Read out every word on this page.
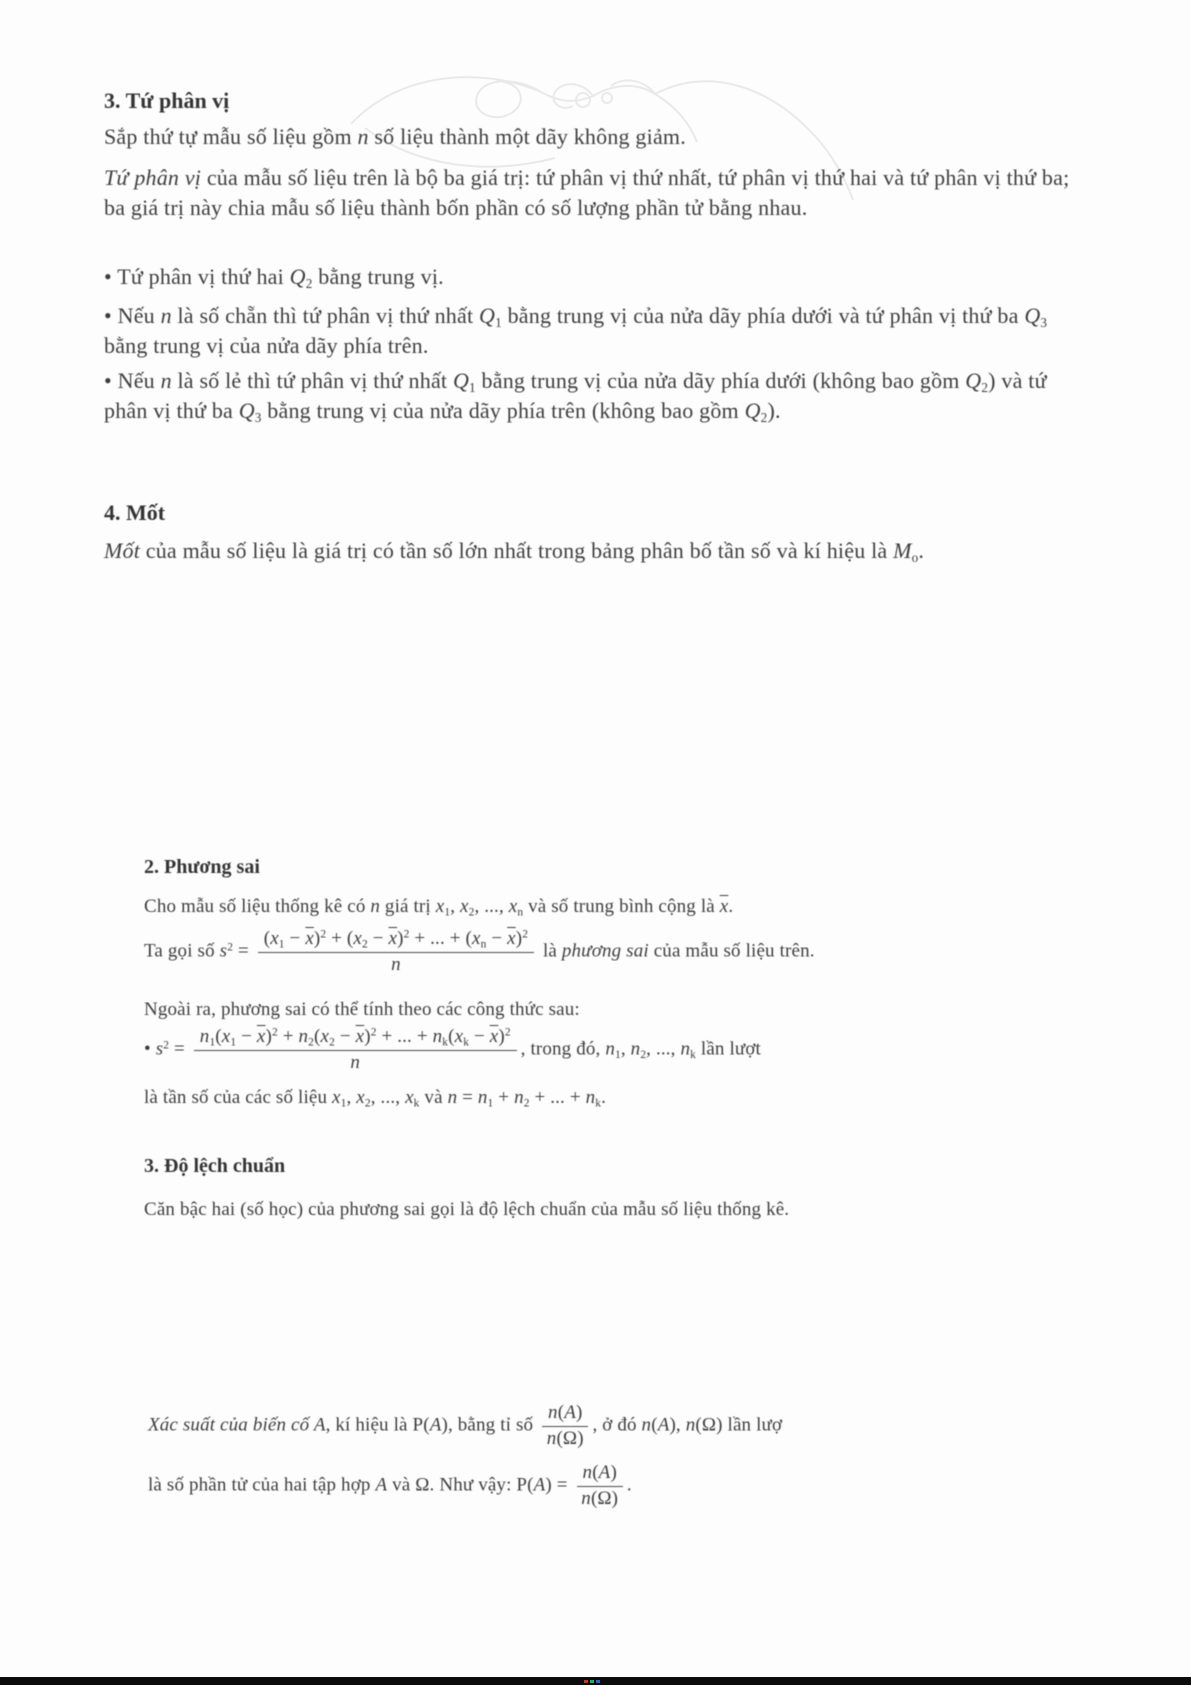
3. Tứ phân vị
Sắp thứ tự mẫu số liệu gồm n số liệu thành một dãy không giảm.
Tứ phân vị của mẫu số liệu trên là bộ ba giá trị: tứ phân vị thứ nhất, tứ phân vị thứ hai và tứ phân vị thứ ba; ba giá trị này chia mẫu số liệu thành bốn phần có số lượng phần tử bằng nhau.
• Tứ phân vị thứ hai $Q_2$ bằng trung vị.
• Nếu n là số chẵn thì tứ phân vị thứ nhất $Q_1$ bằng trung vị của nửa dãy phía dưới và tứ phân vị thứ ba $Q_3$ bằng trung vị của nửa dãy phía trên.
• Nếu n là số lẻ thì tứ phân vị thứ nhất $Q_1$ bằng trung vị của nửa dãy phía dưới (không bao gồm $Q_2$) và tứ phân vị thứ ba $Q_3$ bằng trung vị của nửa dãy phía trên (không bao gồm $Q_2$).
4. Mốt
Mốt của mẫu số liệu là giá trị có tần số lớn nhất trong bảng phân bố tần số và kí hiệu là $M_o$.
2. Phương sai
Cho mẫu số liệu thống kê có n giá trị $x_1$, $x_2$, ..., $x_n$ và số trung bình cộng là $\overline{x}$.
Ta gọi số $s^2 = \frac{(x_1 - \overline{x})^2 + (x_2 - \overline{x})^2 + ... + (x_n - \overline{x})^2}{n}$ là phương sai của mẫu số liệu trên.
Ngoài ra, phương sai có thể tính theo các công thức sau:
• $s^2 = \frac{n_1(x_1 - \overline{x})^2 + n_2(x_2 - \overline{x})^2 + ... + n_k(x_k - \overline{x})^2}{n}$ , trong đó, $n_1$, $n_2$, ..., $n_k$ lần lượt
là tần số của các số liệu $x_1$, $x_2$, ..., $x_k$ và $n = n_1 + n_2$ + ... + $n_k$.
3. Độ lệch chuẩn
Căn bậc hai (số học) của phương sai gọi là độ lệch chuẩn của mẫu số liệu thống kê.
Xác suất của biến cố A, kí hiệu là P(A), bằng tỉ số $\frac{n(A)}{n(\Omega)}$ , ở đó n(A), n(Ω) lần lượ
là số phần tử của hai tập hợp A và Ω. Như vậy: $P(A) = \frac{n(A)}{n(\Omega)}$ .
